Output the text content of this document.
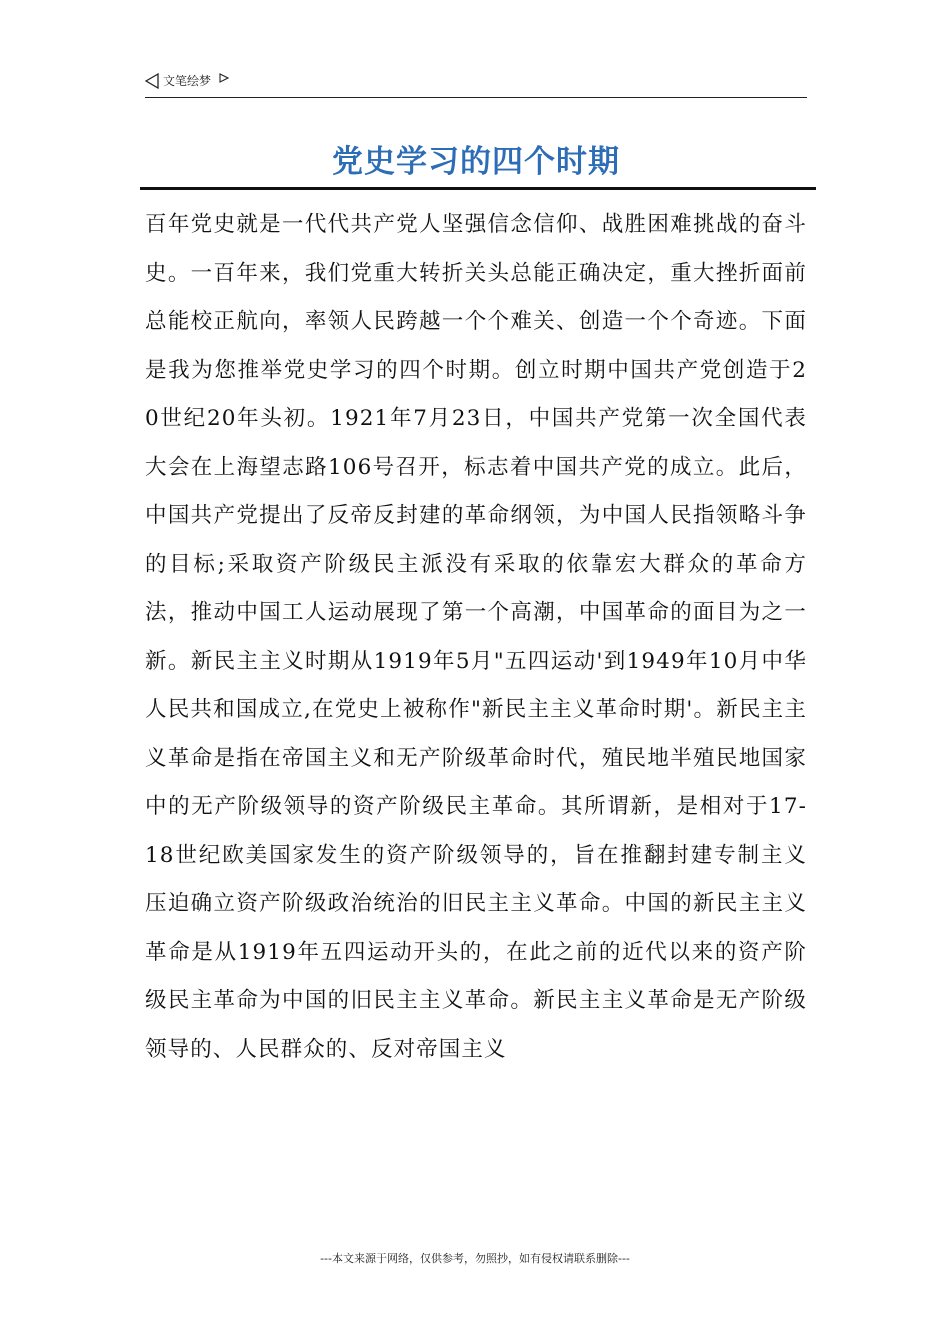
文笔绘梦
党史学习的四个时期
百年党史就是一代代共产党人坚强信念信仰、战胜困难挑战的奋斗史。一百年来，我们党重大转折关头总能正确决定，重大挫折面前总能校正航向，率领人民跨越一个个难关、创造一个个奇迹。下面是我为您推举党史学习的四个时期。创立时期中国共产党创造于20世纪20年头初。1921年7月23日，中国共产党第一次全国代表大会在上海望志路106号召开，标志着中国共产党的成立。此后，中国共产党提出了反帝反封建的革命纲领，为中国人民指领略斗争的目标;采取资产阶级民主派没有采取的依靠宏大群众的革命方法，推动中国工人运动展现了第一个高潮，中国革命的面目为之一新。新民主主义时期从1919年5月"五四运动'到1949年10月中华人民共和国成立,在党史上被称作"新民主主义革命时期'。新民主主义革命是指在帝国主义和无产阶级革命时代，殖民地半殖民地国家中的无产阶级领导的资产阶级民主革命。其所谓新，是相对于17-18世纪欧美国家发生的资产阶级领导的，旨在推翻封建专制主义压迫确立资产阶级政治统治的旧民主主义革命。中国的新民主主义革命是从1919年五四运动开头的，在此之前的近代以来的资产阶级民主革命为中国的旧民主主义革命。新民主主义革命是无产阶级领导的、人民群众的、反对帝国主义
---本文来源于网络，仅供参考，勿照抄，如有侵权请联系删除---
